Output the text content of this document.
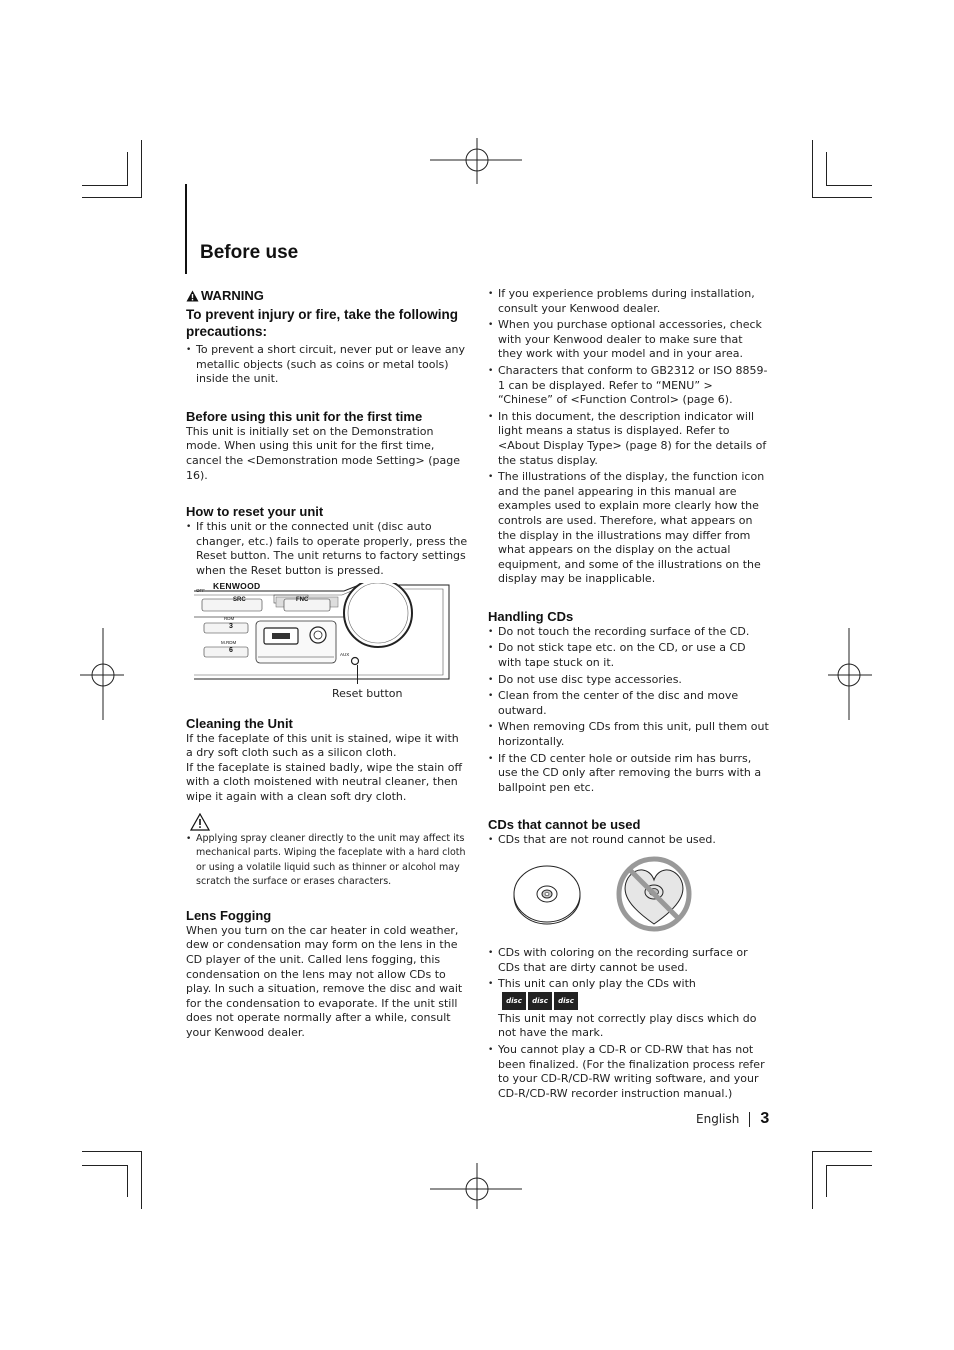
Before use
WARNING
To prevent injury or fire, take the following precautions:
• To prevent a short circuit, never put or leave any metallic objects (such as coins or metal tools) inside the unit.
Before using this unit for the first time

This unit is initially set on the Demonstration mode. When using this unit for the first time, cancel the <Demonstration mode Setting> (page 16).

How to reset your unit
• If this unit or the connected unit (disc auto changer, etc.) fails to operate properly, press the Reset button. The unit returns to factory settings when the Reset button is pressed.
KENWOOD
SRC	FNC
OFF
RDM
3
M.RDM
6
AUX
Reset button
Cleaning the Unit

If the faceplate of this unit is stained, wipe it with a dry soft cloth such as a silicon cloth.

If the faceplate is stained badly, wipe the stain off with a cloth moistened with neutral cleaner, then wipe it again with a clean soft dry cloth.

• Applying spray cleaner directly to the unit may affect its mechanical parts. Wiping the faceplate with a hard cloth or using a volatile liquid such as thinner or alcohol may scratch the surface or erases characters.
Lens Fogging

When you turn on the car heater in cold weather, dew or condensation may form on the lens in the CD player of the unit. Called lens fogging, this condensation on the lens may not allow CDs to play. In such a situation, remove the disc and wait for the condensation to evaporate. If the unit still does not operate normally after a while, consult your Kenwood dealer.

• If you experience problems during installation, consult your Kenwood dealer.
• When you purchase optional accessories, check with your Kenwood dealer to make sure that they work with your model and in your area.
• Characters that conform to GB2312 or ISO 8859-1 can be displayed. Refer to “MENU” > “Chinese” of <Function Control> (page 6).
• In this document, the description indicator will light means a status is displayed. Refer to <About Display Type> (page 8) for the details of the status display.
• The illustrations of the display, the function icon and the panel appearing in this manual are examples used to explain more clearly how the controls are used. Therefore, what appears on the display in the illustrations may differ from what appears on the display on the actual equipment, and some of the illustrations on the display may be inapplicable.
Handling CDs
• Do not touch the recording surface of the CD.
• Do not stick tape etc. on the CD, or use a CD with tape stuck on it.
• Do not use disc type accessories.
• Clean from the center of the disc and move outward.
• When removing CDs from this unit, pull them out horizontally.
• If the CD center hole or outside rim has burrs, use the CD only after removing the burrs with a ballpoint pen etc.
CDs that cannot be used
• CDs that are not round cannot be used.
• CDs with coloring on the recording surface or CDs that are dirty cannot be used.
• This unit can only play the CDs with
disc	disc	disc
This unit may not correctly play discs which do not have the mark.
• You cannot play a CD-R or CD-RW that has not been finalized. (For the finalization process refer to your CD-R/CD-RW writing software, and your CD-R/CD-RW recorder instruction manual.)
English 3
